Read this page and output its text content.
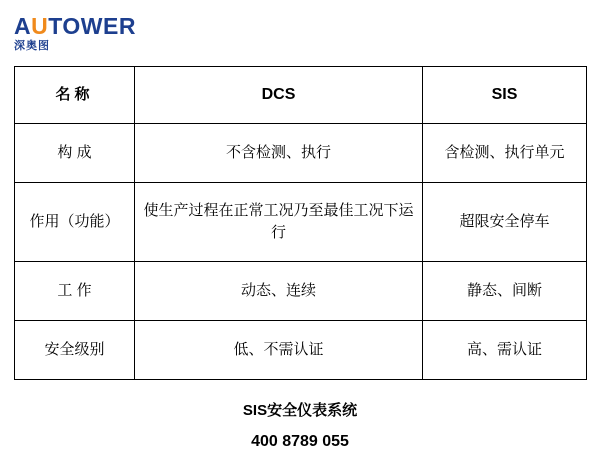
AUTOWER
深奥图
名称	DCS	SIS
构 成	不含检测、执行	含检测、执行单元
作用（功能）	使生产过程在正常工况乃至最佳工况下运行	超限安全停车
工 作	动态、连续	静态、间断
安全级别	低、不需认证	高、需认证
SIS安全仪表系统
400 8789 055
